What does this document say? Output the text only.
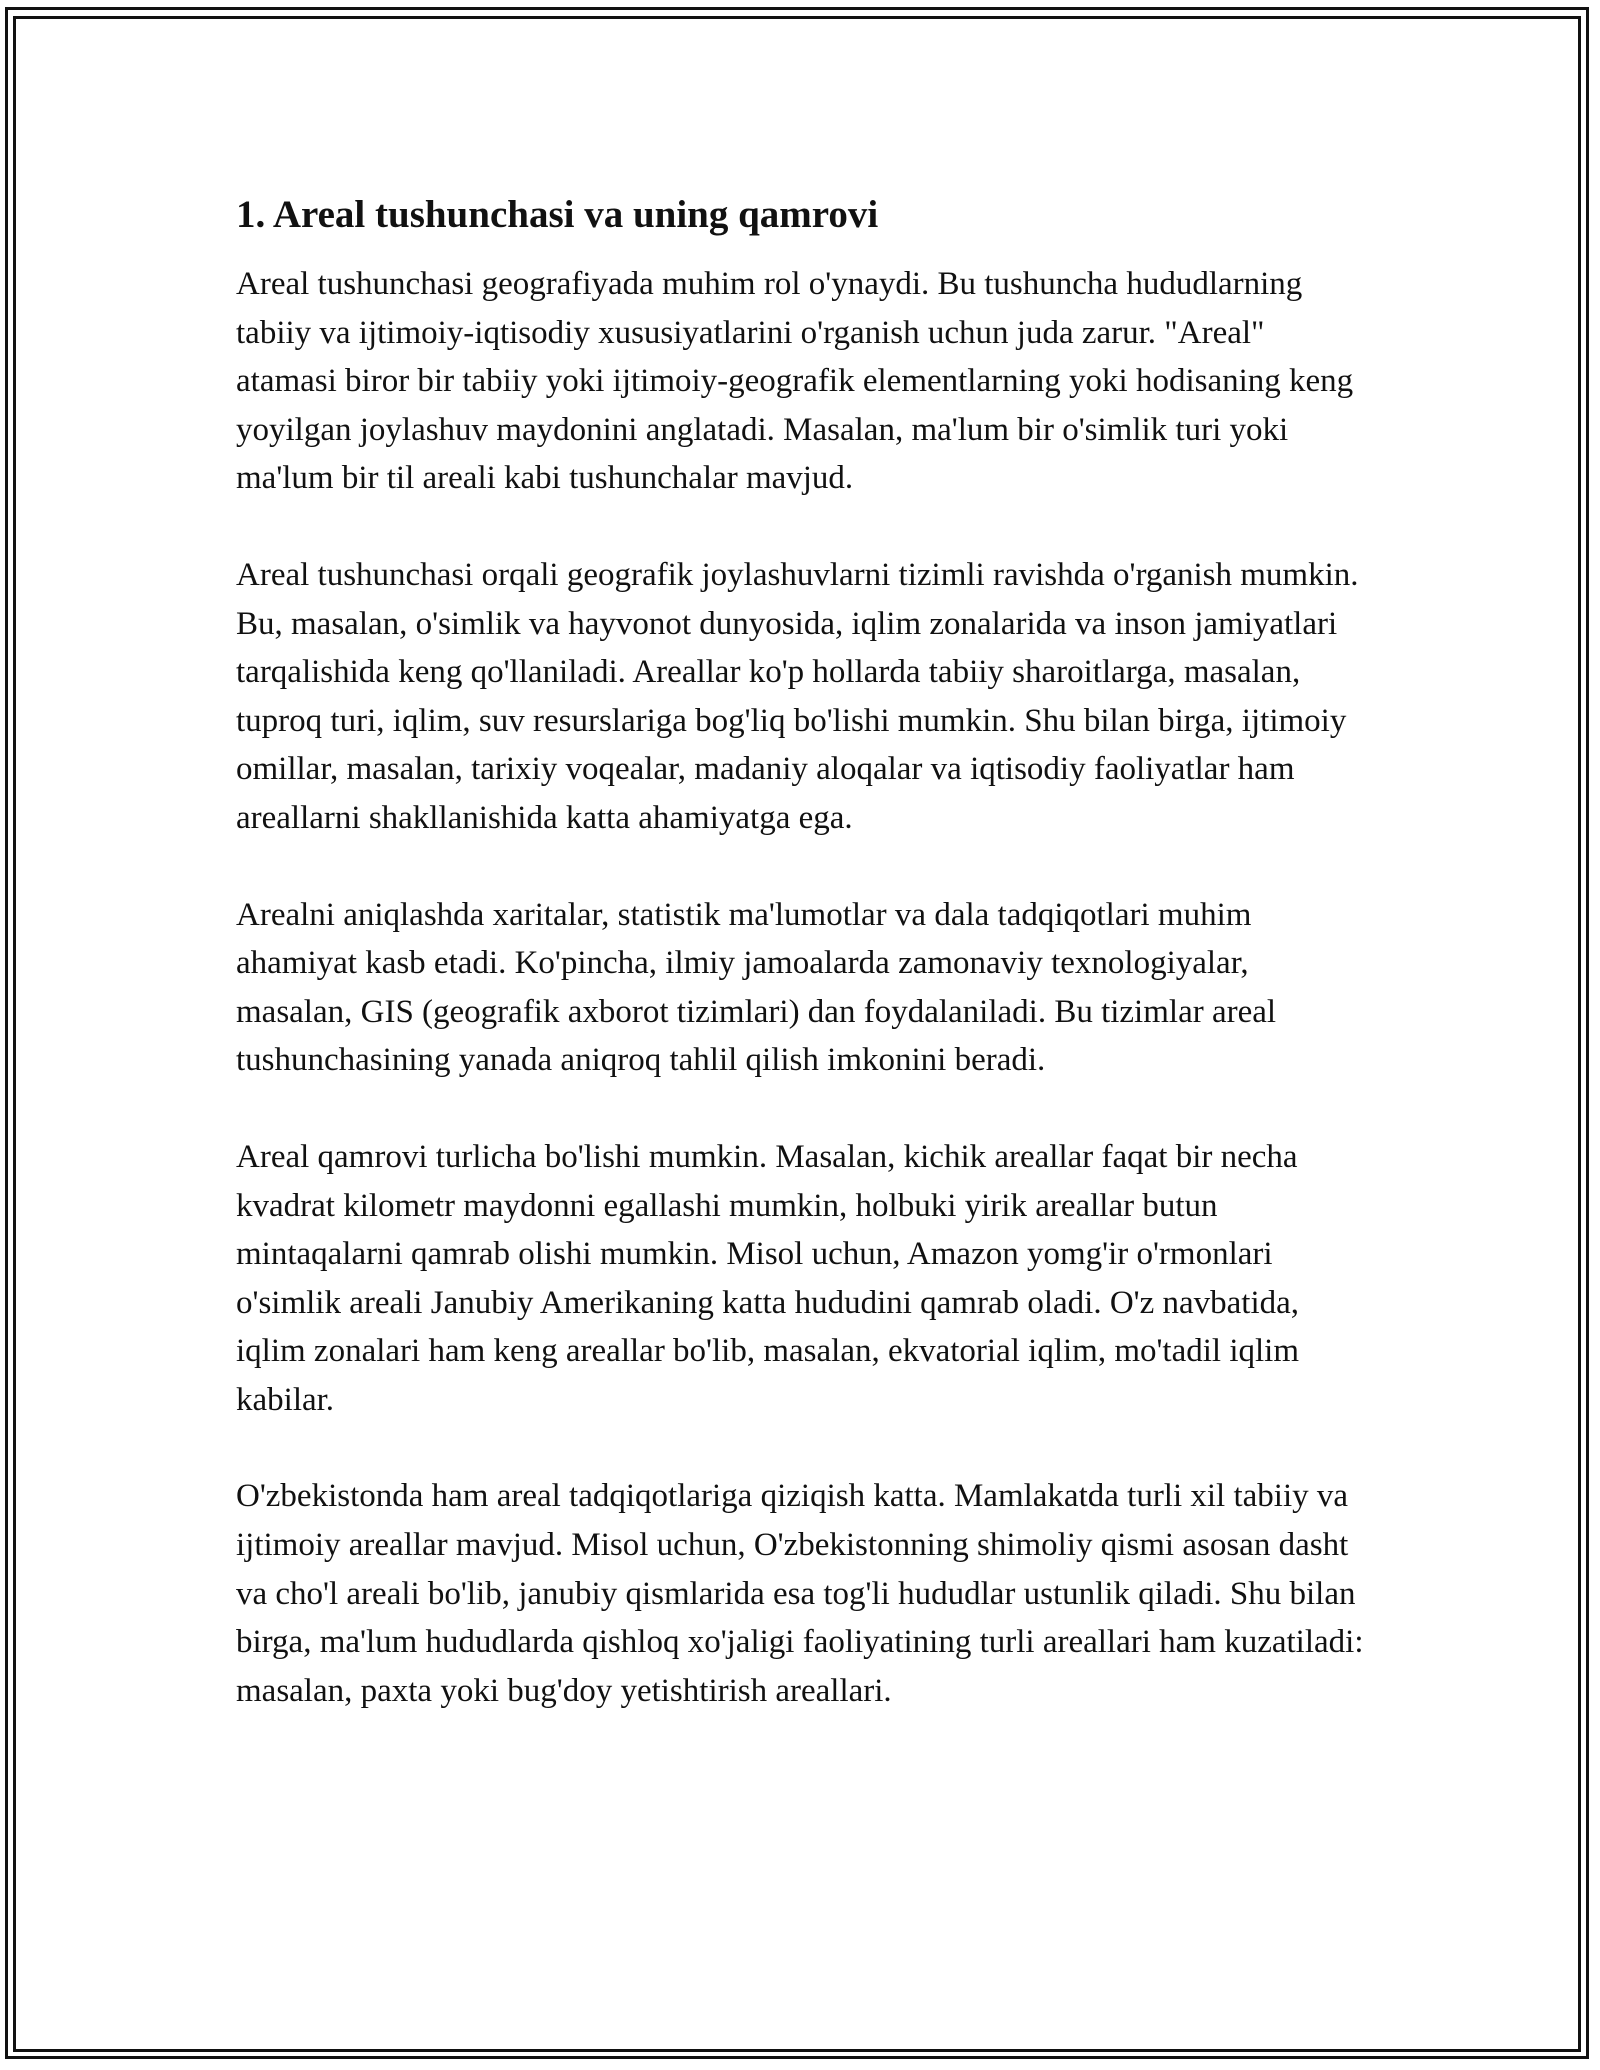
1. Areal tushunchasi va uning qamrovi

Areal tushunchasi geografiyada muhim rol o'ynaydi. Bu tushuncha hududlarning tabiiy va ijtimoiy-iqtisodiy xususiyatlarini o'rganish uchun juda zarur. "Areal" atamasi biror bir tabiiy yoki ijtimoiy-geografik elementlarning yoki hodisaning keng yoyilgan joylashuv maydonini anglatadi. Masalan, ma'lum bir o'simlik turi yoki ma'lum bir til areali kabi tushunchalar mavjud.

Areal tushunchasi orqali geografik joylashuvlarni tizimli ravishda o'rganish mumkin. Bu, masalan, o'simlik va hayvonot dunyosida, iqlim zonalarida va inson jamiyatlari tarqalishida keng qo'llaniladi. Areallar ko'p hollarda tabiiy sharoitlarga, masalan, tuproq turi, iqlim, suv resurslariga bog'liq bo'lishi mumkin. Shu bilan birga, ijtimoiy omillar, masalan, tarixiy voqealar, madaniy aloqalar va iqtisodiy faoliyatlar ham areallarni shakllanishida katta ahamiyatga ega.

Arealni aniqlashda xaritalar, statistik ma'lumotlar va dala tadqiqotlari muhim ahamiyat kasb etadi. Ko'pincha, ilmiy jamoalarda zamonaviy texnologiyalar, masalan, GIS (geografik axborot tizimlari) dan foydalaniladi. Bu tizimlar areal tushunchasining yanada aniqroq tahlil qilish imkonini beradi.

Areal qamrovi turlicha bo'lishi mumkin. Masalan, kichik areallar faqat bir necha kvadrat kilometr maydonni egallashi mumkin, holbuki yirik areallar butun mintaqalarni qamrab olishi mumkin. Misol uchun, Amazon yomg'ir o'rmonlari o'simlik areali Janubiy Amerikaning katta hududini qamrab oladi. O'z navbatida, iqlim zonalari ham keng areallar bo'lib, masalan, ekvatorial iqlim, mo'tadil iqlim kabilar.

O'zbekistonda ham areal tadqiqotlariga qiziqish katta. Mamlakatda turli xil tabiiy va ijtimoiy areallar mavjud. Misol uchun, O'zbekistonning shimoliy qismi asosan dasht va cho'l areali bo'lib, janubiy qismlarida esa tog'li hududlar ustunlik qiladi. Shu bilan birga, ma'lum hududlarda qishloq xo'jaligi faoliyatining turli areallari ham kuzatiladi: masalan, paxta yoki bug'doy yetishtirish areallari.
